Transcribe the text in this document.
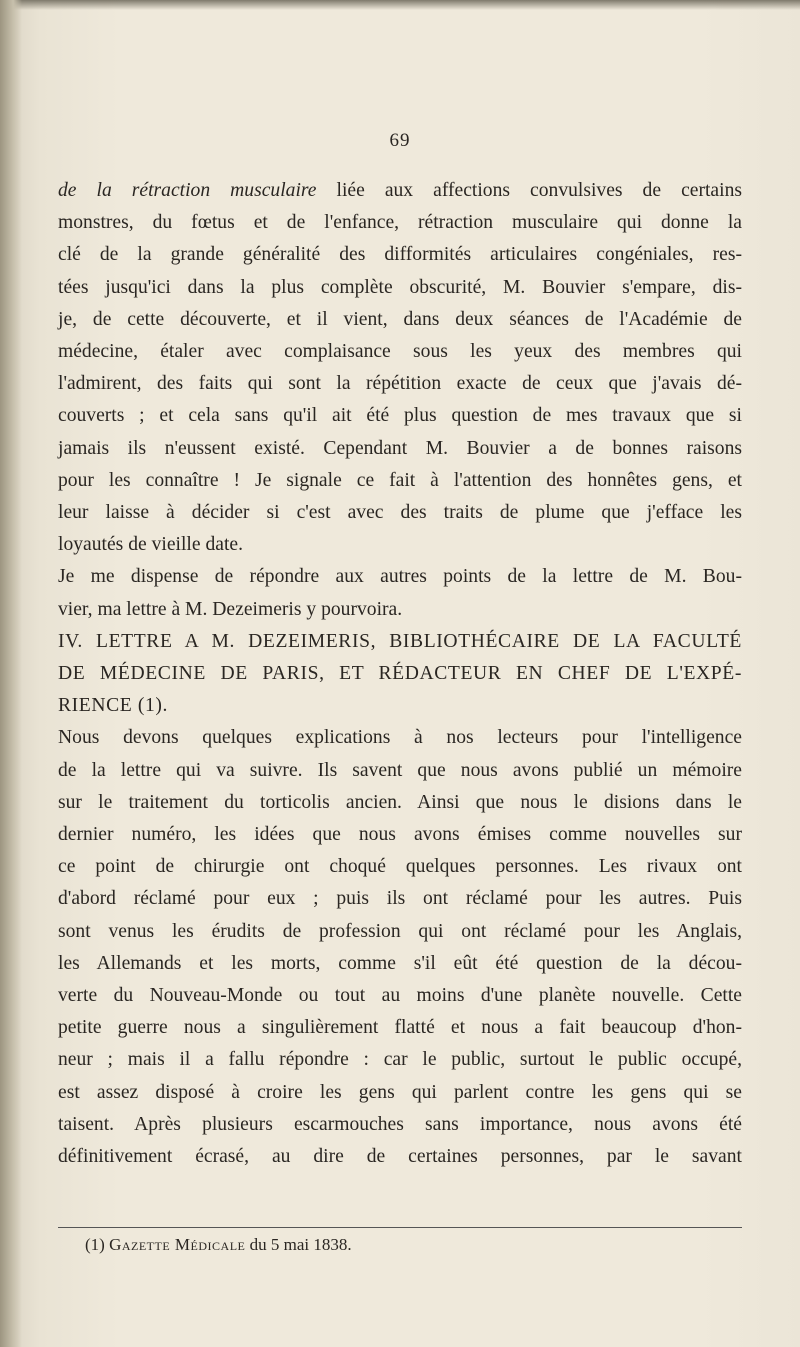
69
de la rétraction musculaire liée aux affections convulsives de certains
monstres, du fœtus et de l'enfance, rétraction musculaire qui donne la
clé de la grande généralité des difformités articulaires congéniales, res-
tées jusqu'ici dans la plus complète obscurité, M. Bouvier s'empare, dis-
je, de cette découverte, et il vient, dans deux séances de l'Académie de
médecine, étaler avec complaisance sous les yeux des membres qui
l'admirent, des faits qui sont la répétition exacte de ceux que j'avais dé-
couverts ; et cela sans qu'il ait été plus question de mes travaux que si
jamais ils n'eussent existé. Cependant M. Bouvier a de bonnes raisons
pour les connaître ! Je signale ce fait à l'attention des honnêtes gens, et
leur laisse à décider si c'est avec des traits de plume que j'efface les
loyautés de vieille date.
Je me dispense de répondre aux autres points de la lettre de M. Bou-
vier, ma lettre à M. Dezeimeris y pourvoira.
IV. LETTRE A M. DEZEIMERIS, BIBLIOTHÉCAIRE DE LA FACULTÉ
DE MÉDECINE DE PARIS, ET RÉDACTEUR EN CHEF DE L'EXPÉ-
RIENCE (1).
Nous devons quelques explications à nos lecteurs pour l'intelligence
de la lettre qui va suivre. Ils savent que nous avons publié un mémoire
sur le traitement du torticolis ancien. Ainsi que nous le disions dans le
dernier numéro, les idées que nous avons émises comme nouvelles sur
ce point de chirurgie ont choqué quelques personnes. Les rivaux ont
d'abord réclamé pour eux ; puis ils ont réclamé pour les autres. Puis
sont venus les érudits de profession qui ont réclamé pour les Anglais,
les Allemands et les morts, comme s'il eût été question de la décou-
verte du Nouveau-Monde ou tout au moins d'une planète nouvelle. Cette
petite guerre nous a singulièrement flatté et nous a fait beaucoup d'hon-
neur ; mais il a fallu répondre : car le public, surtout le public occupé,
est assez disposé à croire les gens qui parlent contre les gens qui se
taisent. Après plusieurs escarmouches sans importance, nous avons été
définitivement écrasé, au dire de certaines personnes, par le savant
(1) Gazette Médicale du 5 mai 1838.
